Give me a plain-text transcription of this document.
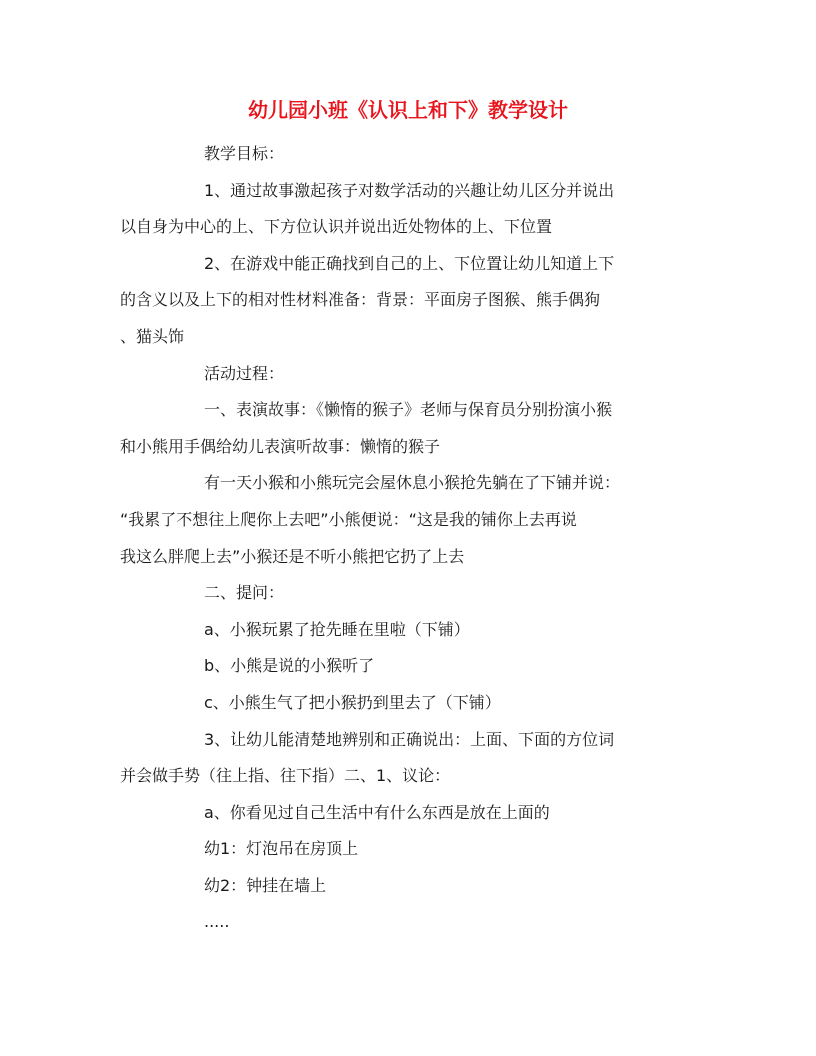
幼儿园小班《认识上和下》教学设计

教学目标：

1、通过故事激起孩子对数学活动的兴趣让幼儿区分并说出
以自身为中心的上、下方位认识并说出近处物体的上、下位置

2、在游戏中能正确找到自己的上、下位置让幼儿知道上下
的含义以及上下的相对性材料准备：背景：平面房子图猴、熊手偶狗
、猫头饰

活动过程：

一、表演故事：《懒惰的猴子》老师与保育员分别扮演小猴
和小熊用手偶给幼儿表演听故事：懒惰的猴子

有一天小猴和小熊玩完会屋休息小猴抢先躺在了下铺并说：
“我累了不想往上爬你上去吧”小熊便说：“这是我的铺你上去再说
我这么胖爬上去”小猴还是不听小熊把它扔了上去

二、提问：

a、小猴玩累了抢先睡在里啦（下铺）

b、小熊是说的小猴听了

c、小熊生气了把小猴扔到里去了（下铺）

3、让幼儿能清楚地辨别和正确说出：上面、下面的方位词
并会做手势（往上指、往下指）二、1、议论：

a、你看见过自己生活中有什么东西是放在上面的

幼1：灯泡吊在房顶上

幼2：钟挂在墙上

.....
